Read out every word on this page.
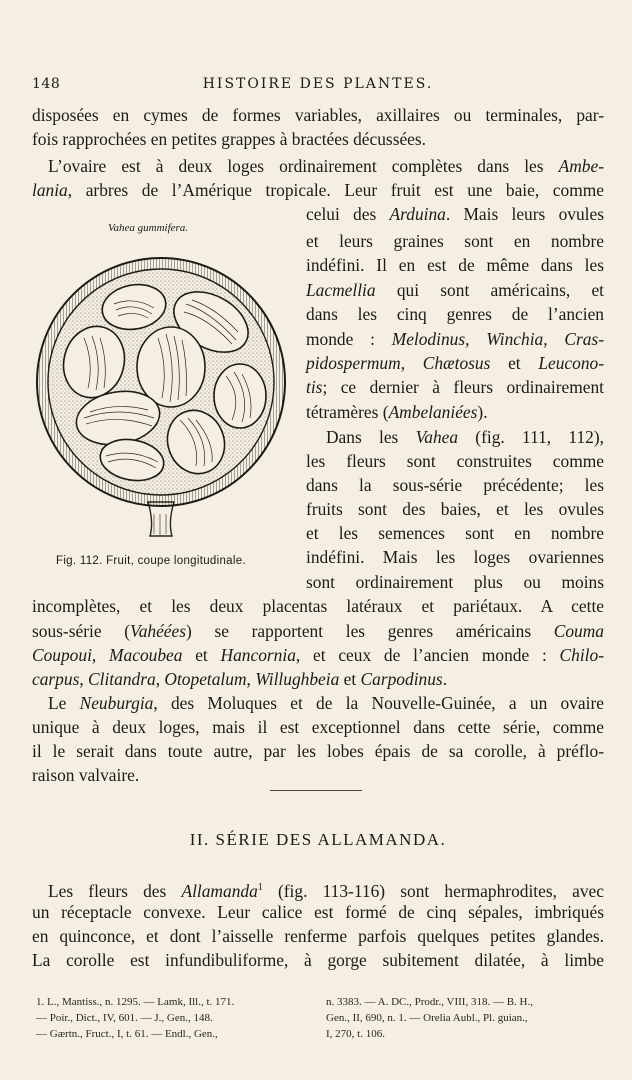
148	HISTOIRE DES PLANTES.
disposées en cymes de formes variables, axillaires ou terminales, par-
fois rapprochées en petites grappes à bractées décussées.
L’ovaire est à deux loges ordinairement complètes dans les Ambe-
lania, arbres de l’Amérique tropicale. Leur fruit est une baie, comme
celui des Arduina. Mais leurs ovules
et leurs graines sont en nombre
indéfini. Il en est de même dans les
Lacmellia qui sont américains, et
dans les cinq genres de l’ancien
monde : Melodinus, Winchia, Cras-
pidospermum, Chætosus et Leucono-
tis; ce dernier à fleurs ordinairement
tétramères (Ambelaniées).
Dans les Vahea (fig. 111, 112),
les fleurs sont construites comme
dans la sous-série précédente; les
fruits sont des baies, et les ovules
et les semences sont en nombre
indéfini. Mais les loges ovariennes
sont ordinairement plus ou moins
Vahea gummifera.
Fig. 112. Fruit, coupe longitudinale.
incomplètes, et les deux placentas latéraux et pariétaux. A cette
sous-série (Vahéées) se rapportent les genres américains Couma
Coupoui, Macoubea et Hancornia, et ceux de l’ancien monde : Chilo-
carpus, Clitandra, Otopetalum, Willughbeia et Carpodinus.
Le Neuburgia, des Moluques et de la Nouvelle-Guinée, a un ovaire
unique à deux loges, mais il est exceptionnel dans cette série, comme
il le serait dans toute autre, par les lobes épais de sa corolle, à préflo-
raison valvaire.
II. SÉRIE DES ALLAMANDA.
Les fleurs des Allamanda$^1$ (fig. 113-116) sont hermaphrodites, avec
un réceptacle convexe. Leur calice est formé de cinq sépales, imbriqués
en quinconce, et dont l’aisselle renferme parfois quelques petites glandes.
La corolle est infundibuliforme, à gorge subitement dilatée, à limbe
1. L., Mantiss., n. 1295. — Lamk, Ill., t. 171.
— Poir., Dict., IV, 601. — J., Gen., 148.
— Gærtn., Fruct., I, t. 61. — Endl., Gen.,
n. 3383. — A. DC., Prodr., VIII, 318. — B. H.,
Gen., II, 690, n. 1. — Orelia Aubl., Pl. guian.,
I, 270, t. 106.
